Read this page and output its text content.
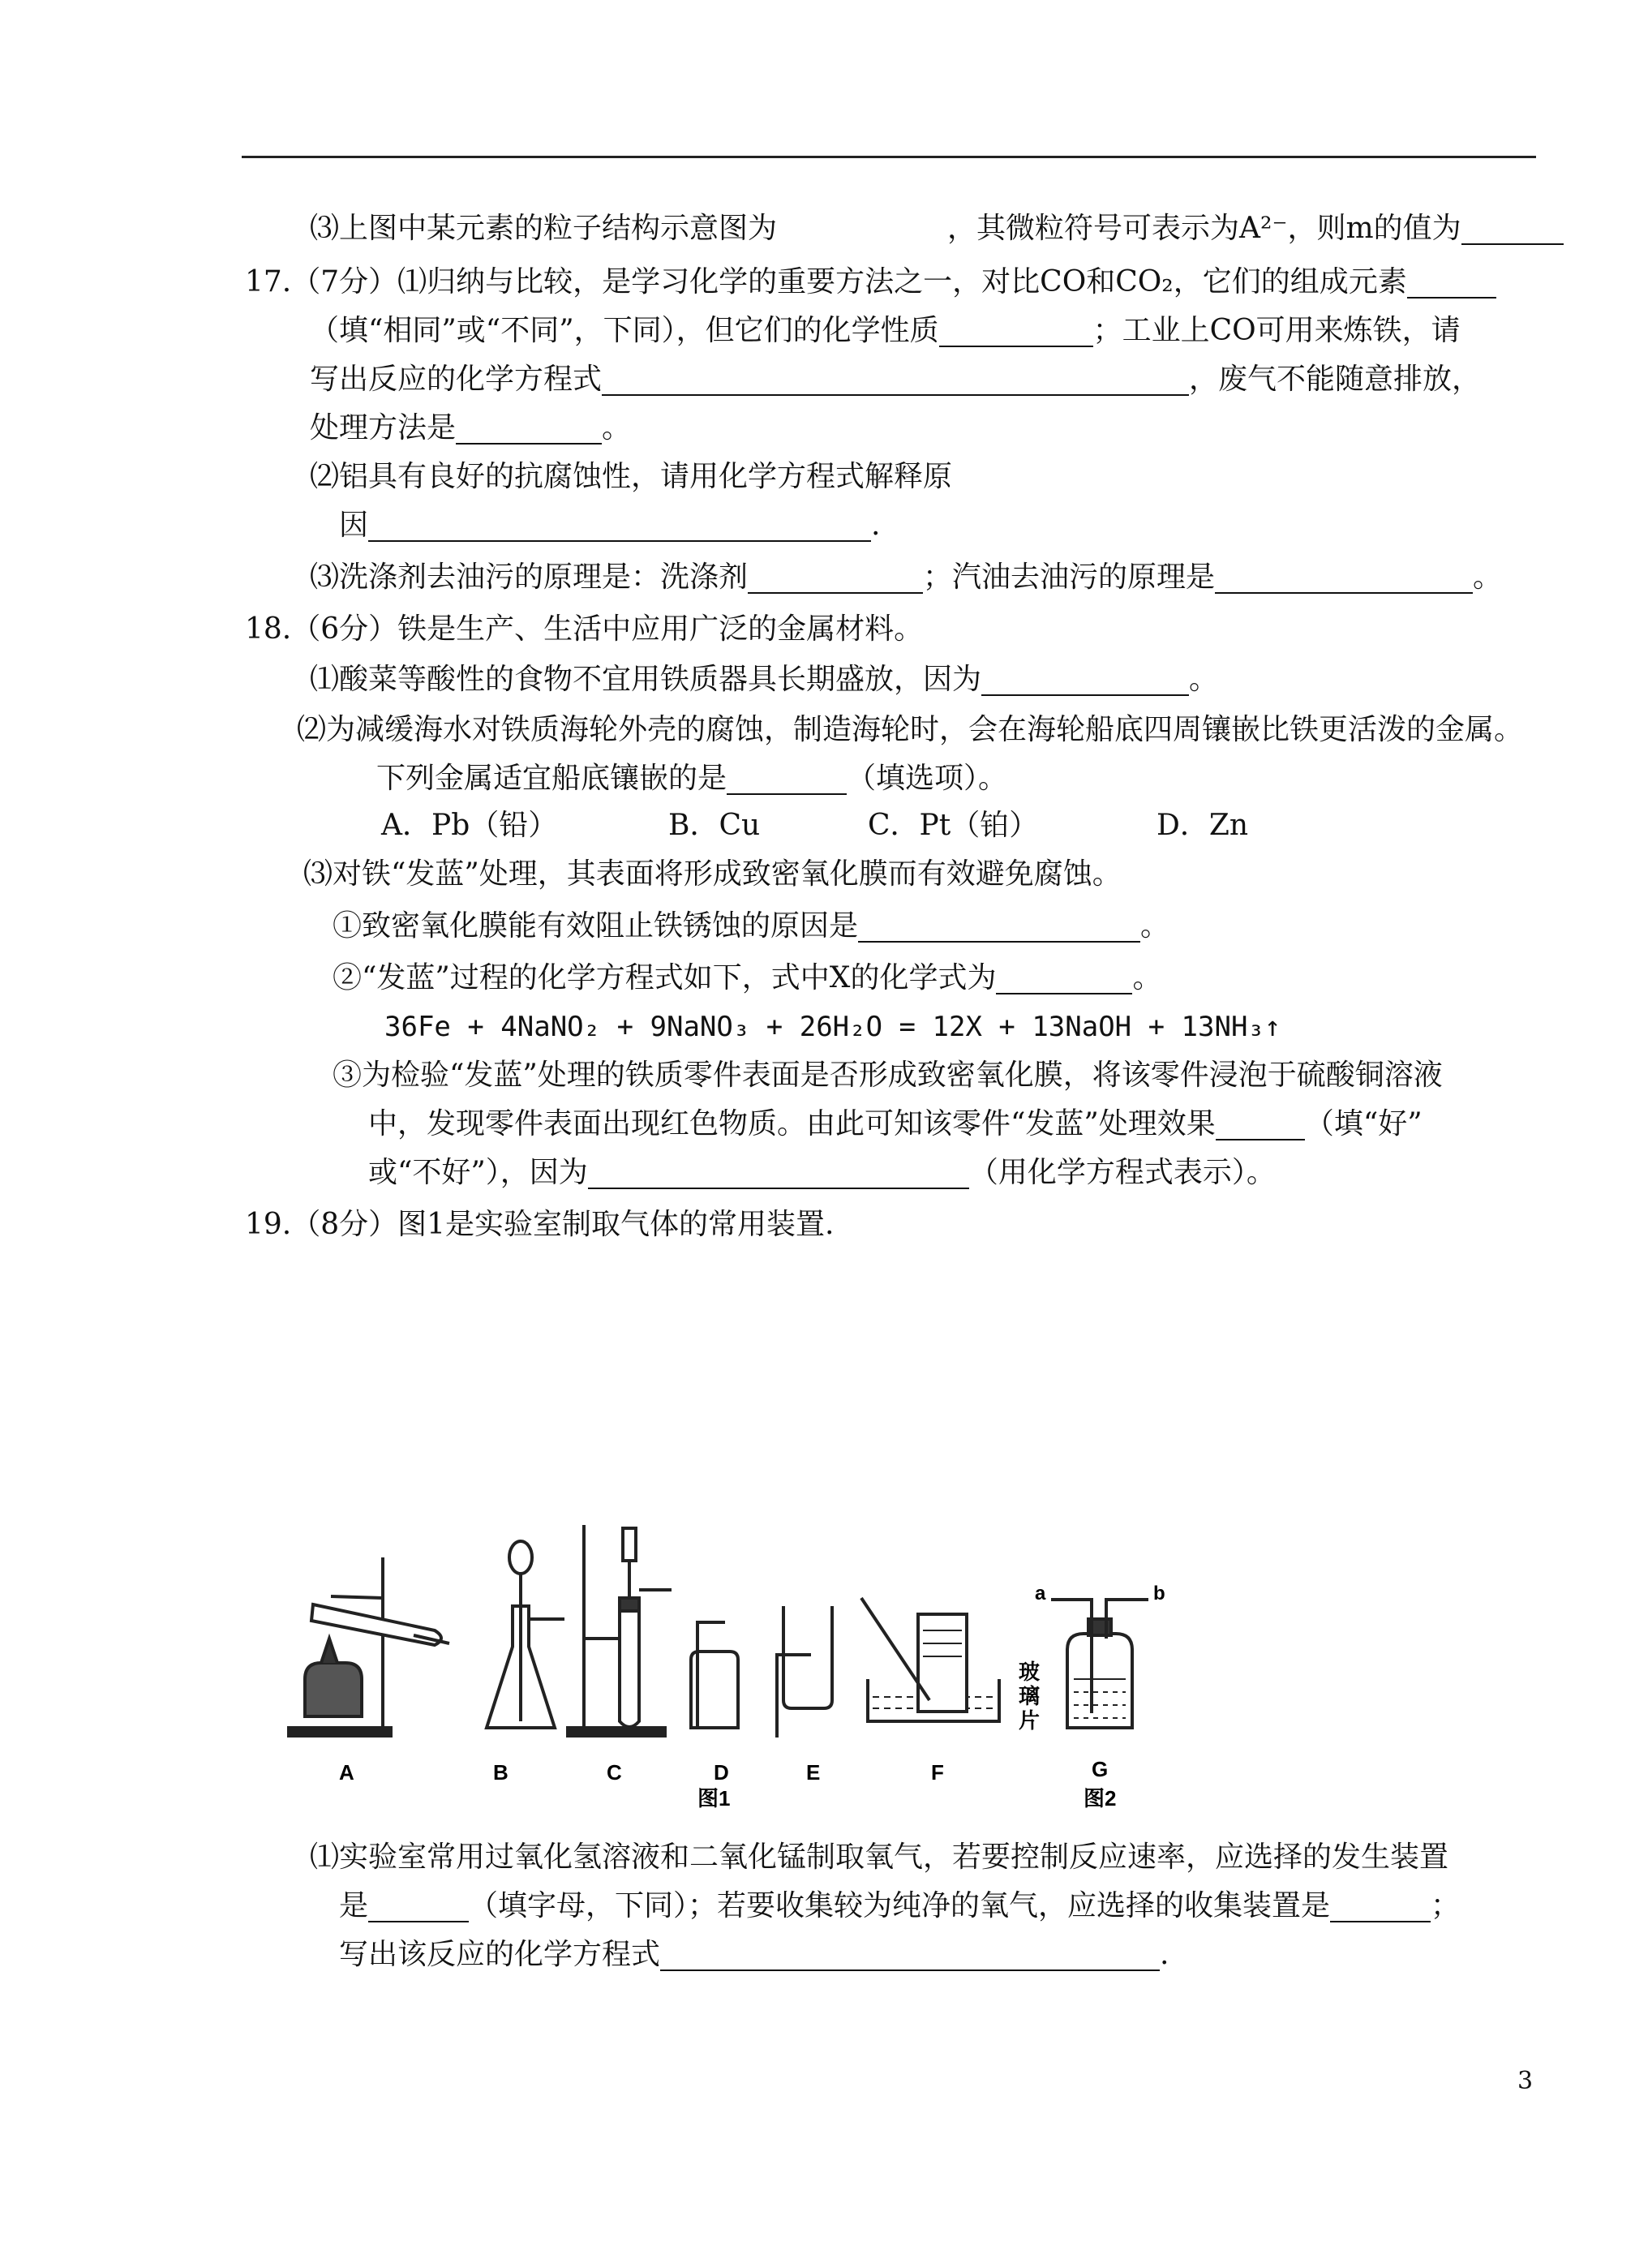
⑶上图中某元素的粒子结构示意图为	，其微粒符号可表示为A²⁻，则m的值为
17.（7分）⑴归纳与比较，是学习化学的重要方法之一，对比CO和CO₂，它们的组成元素
（填“相同”或“不同”，下同），但它们的化学性质	；工业上CO可用来炼铁，请
写出反应的化学方程式	，废气不能随意排放，
处理方法是	。
⑵铝具有良好的抗腐蚀性，请用化学方程式解释原
因	.
⑶洗涤剂去油污的原理是：洗涤剂	；汽油去油污的原理是	。
18.（6分）铁是生产、生活中应用广泛的金属材料。
⑴酸菜等酸性的食物不宜用铁质器具长期盛放，因为	。
⑵为减缓海水对铁质海轮外壳的腐蚀，制造海轮时，会在海轮船底四周镶嵌比铁更活泼的金属。
下列金属适宜船底镶嵌的是	（填选项）。
A．Pb（铅）	B．Cu	C．Pt（铂）	D．Zn
⑶对铁“发蓝”处理，其表面将形成致密氧化膜而有效避免腐蚀。
①致密氧化膜能有效阻止铁锈蚀的原因是	。
②“发蓝”过程的化学方程式如下，式中X的化学式为	。
36Fe + 4NaNO₂ + 9NaNO₃ + 26H₂O = 12X + 13NaOH + 13NH₃↑
③为检验“发蓝”处理的铁质零件表面是否形成致密氧化膜，将该零件浸泡于硫酸铜溶液
中，发现零件表面出现红色物质。由此可知该零件“发蓝”处理效果	（填“好”
或“不好”），因为	（用化学方程式表示）。
19.（8分）图1是实验室制取气体的常用装置.
a	b
玻
璃
片
A	B	C	D	E	F	G
图1	图2
⑴实验室常用过氧化氢溶液和二氧化锰制取氧气，若要控制反应速率，应选择的发生装置
是	（填字母，下同）；若要收集较为纯净的氧气，应选择的收集装置是	；
写出该反应的化学方程式	.
3
